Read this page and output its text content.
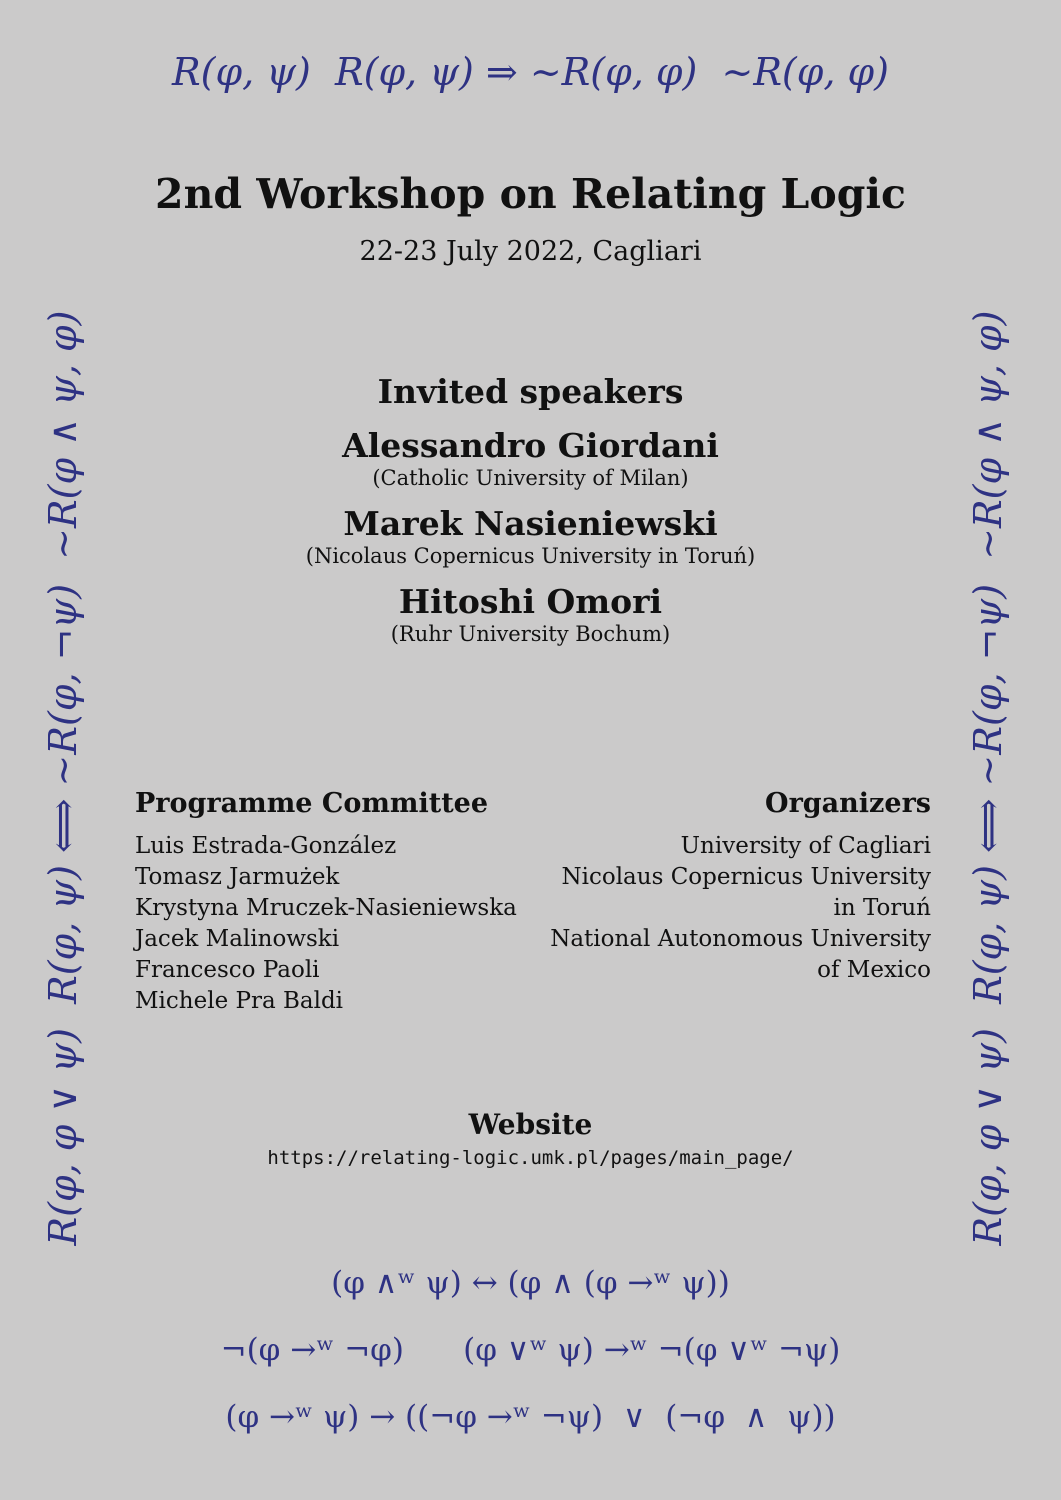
R(φ, ψ)  R(φ, ψ) ⇒ ∼R(φ, φ)  ∼R(φ, φ)
R(φ, φ ∨ ψ)  R(φ, ψ) ⟺ ∼R(φ, ¬ψ)  ∼R(φ ∧ ψ, φ)	R(φ, φ ∨ ψ)  R(φ, ψ) ⟺ ∼R(φ, ¬ψ)  ∼R(φ ∧ ψ, φ)
2nd Workshop on Relating Logic
22-23 July 2022, Cagliari
Invited speakers
Alessandro Giordani
(Catholic University of Milan)
Marek Nasieniewski
(Nicolaus Copernicus University in Toruń)
Hitoshi Omori
(Ruhr University Bochum)
Programme Committee
Luis Estrada-González
Tomasz Jarmużek
Krystyna Mruczek-Nasieniewska
Jacek Malinowski
Francesco Paoli
Michele Pra Baldi
Organizers
University of Cagliari
Nicolaus Copernicus University
in Toruń
National Autonomous University
of Mexico
Website
https://relating-logic.umk.pl/pages/main_page/
(φ ∧ʷ ψ) ↔ (φ ∧ (φ →ʷ ψ))
¬(φ →ʷ ¬φ)      (φ ∨ʷ ψ) →ʷ ¬(φ ∨ʷ ¬ψ)
(φ →ʷ ψ) → ((¬φ →ʷ ¬ψ)  ∨  (¬φ  ∧  ψ))
